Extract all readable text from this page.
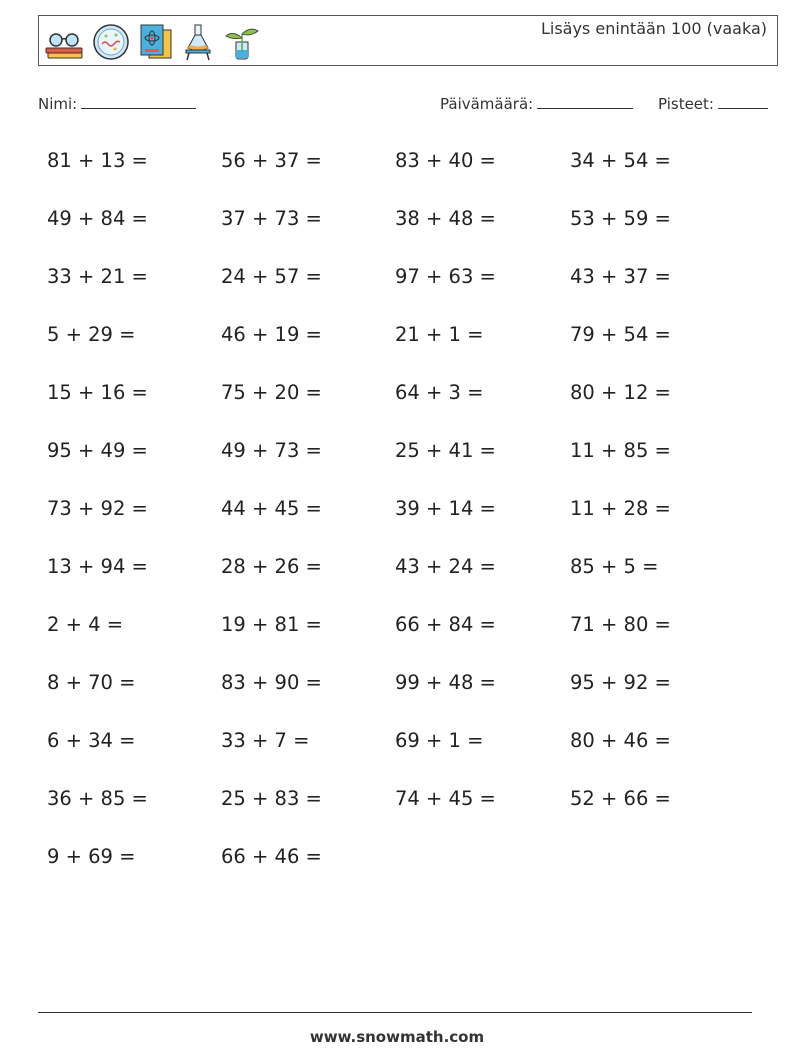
Lisäys enintään 100 (vaaka)
Nimi:	Päivämäärä:	Pisteet:
81 + 13 =	56 + 37 =	83 + 40 =	34 + 54 =
49 + 84 =	37 + 73 =	38 + 48 =	53 + 59 =
33 + 21 =	24 + 57 =	97 + 63 =	43 + 37 =
5 + 29 =	46 + 19 =	21 + 1 =	79 + 54 =
15 + 16 =	75 + 20 =	64 + 3 =	80 + 12 =
95 + 49 =	49 + 73 =	25 + 41 =	11 + 85 =
73 + 92 =	44 + 45 =	39 + 14 =	11 + 28 =
13 + 94 =	28 + 26 =	43 + 24 =	85 + 5 =
2 + 4 =	19 + 81 =	66 + 84 =	71 + 80 =
8 + 70 =	83 + 90 =	99 + 48 =	95 + 92 =
6 + 34 =	33 + 7 =	69 + 1 =	80 + 46 =
36 + 85 =	25 + 83 =	74 + 45 =	52 + 66 =
9 + 69 =	66 + 46 =
www.snowmath.com
